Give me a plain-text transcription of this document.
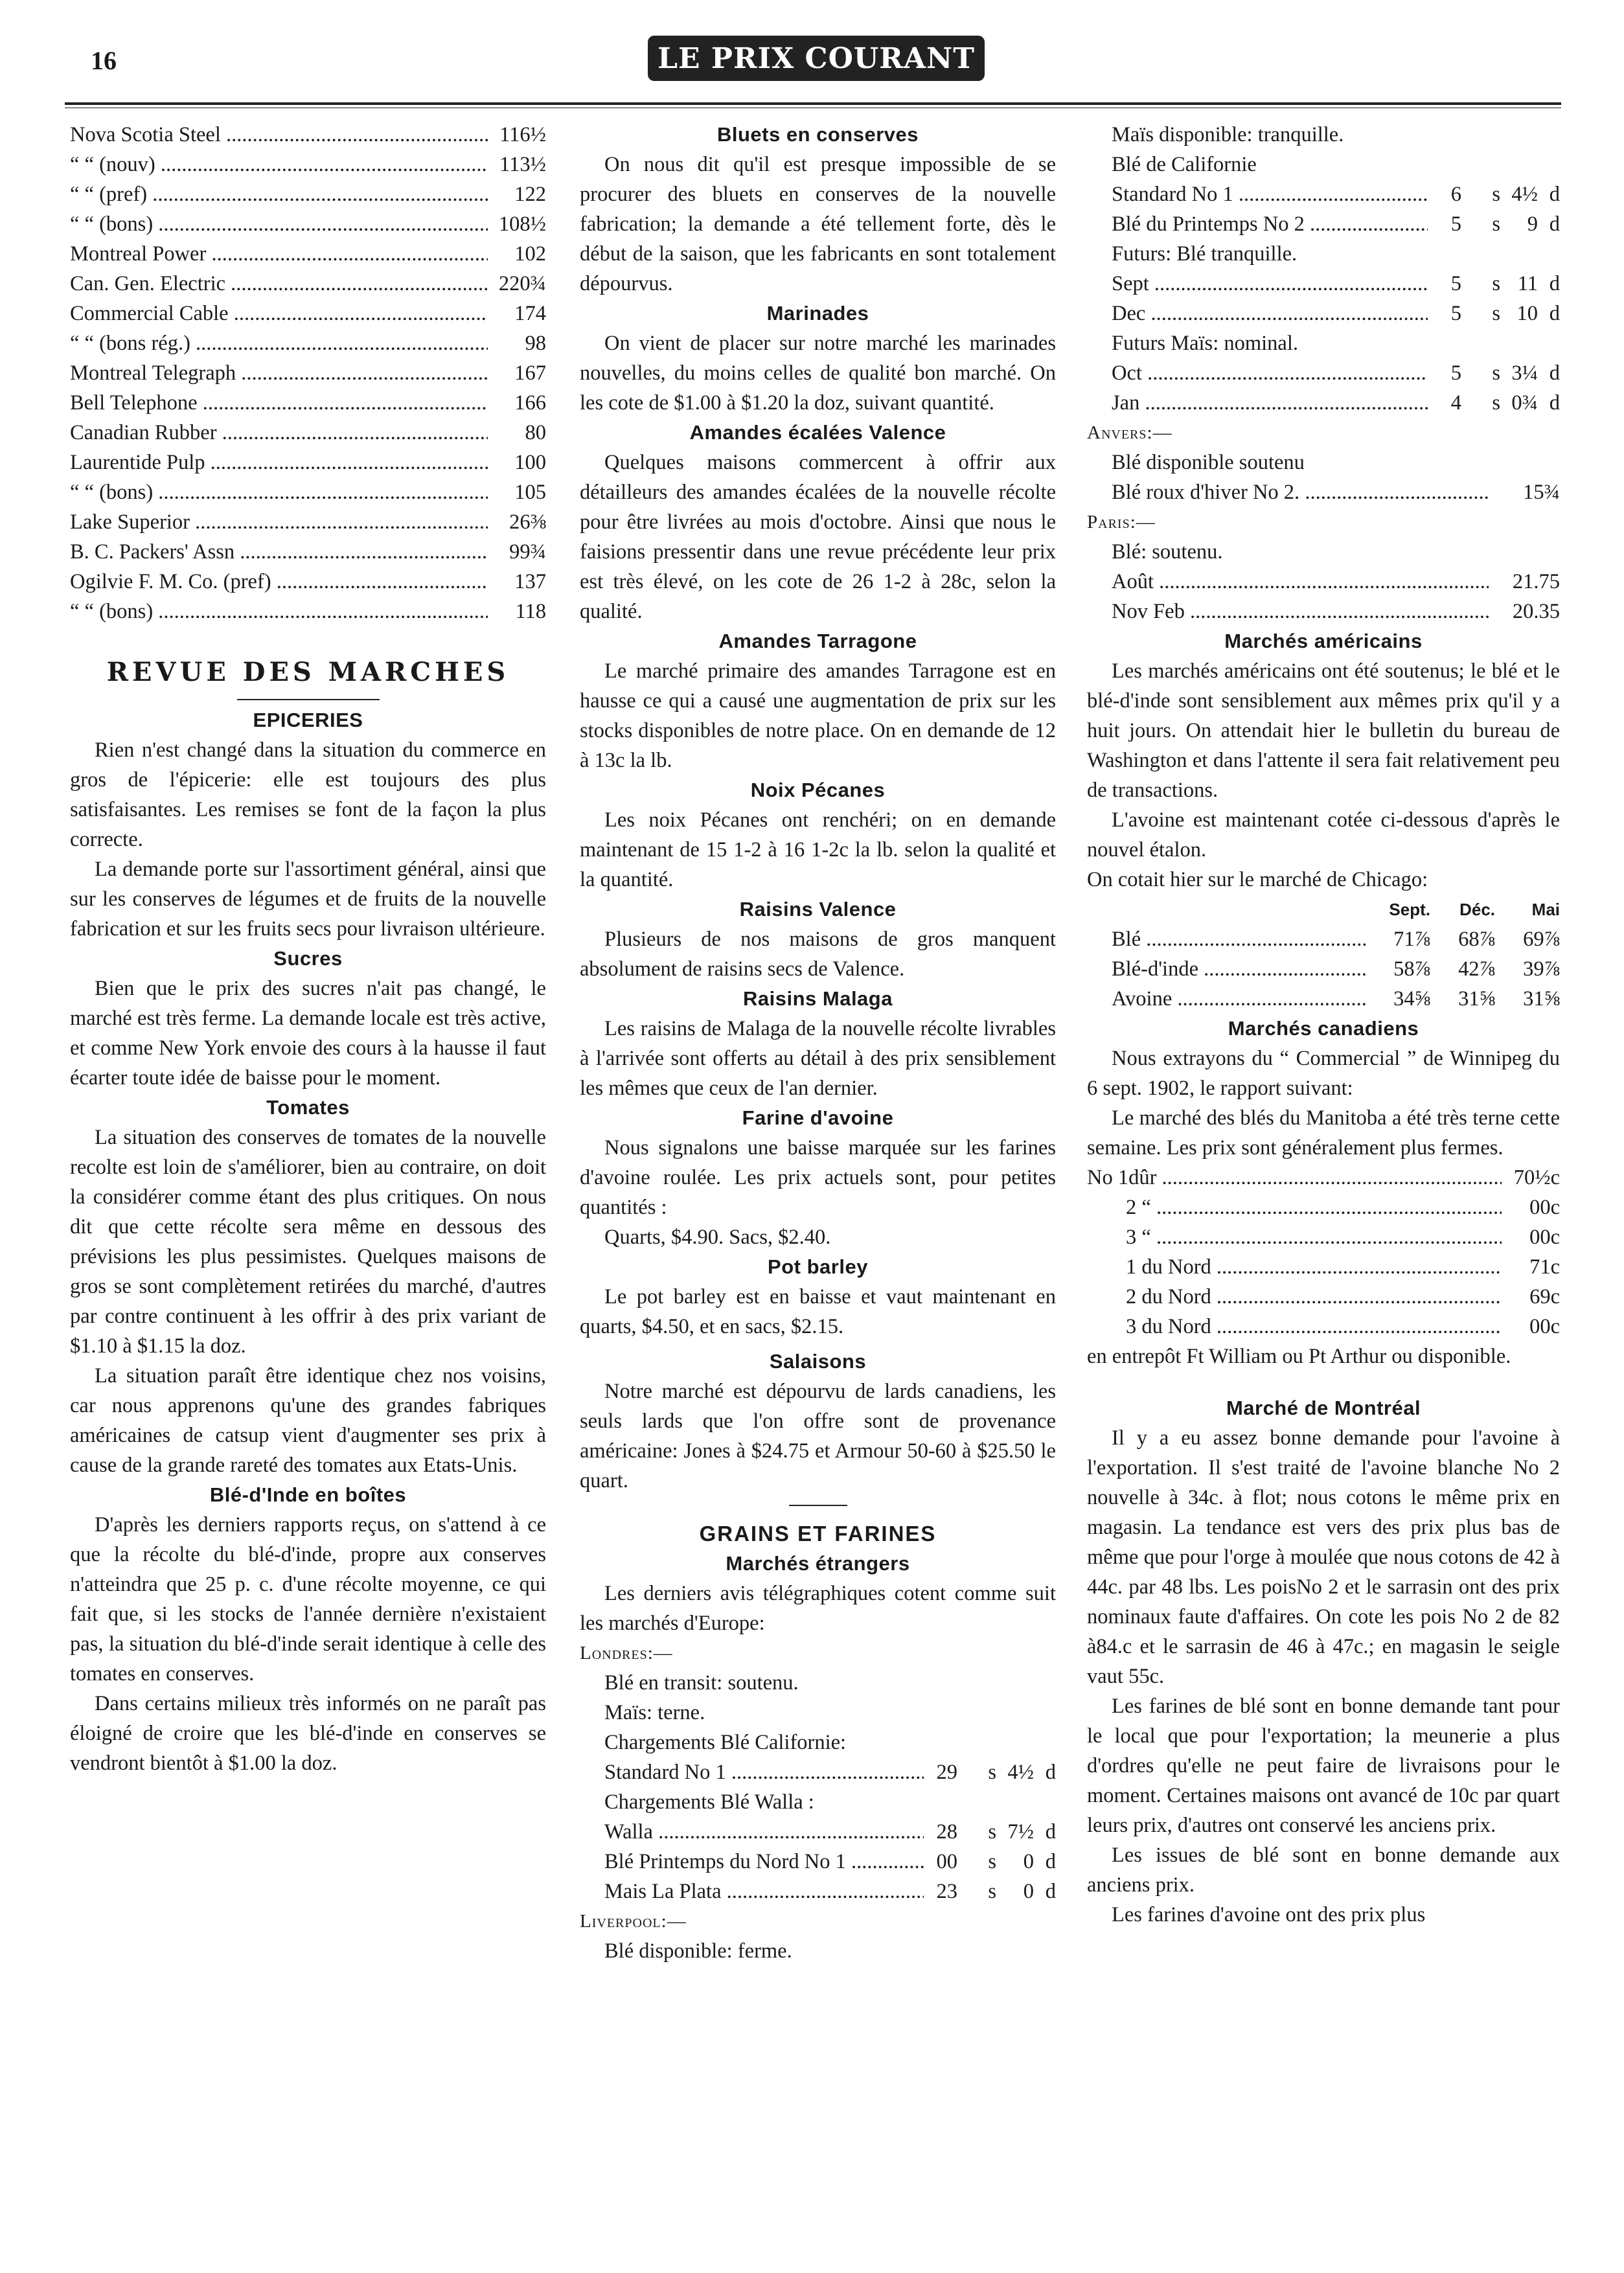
16	LE PRIX COURANT
Nova Scotia Steel .....	116½
“ “ (nouv) .....	113½
“ “ (pref) .....	122
“ “ (bons) .....	108½
Montreal Power .....	102
Can. Gen. Electric .....	220¾
Commercial Cable .....	174
“ “ (bons rég.) .....	98
Montreal Telegraph .....	167
Bell Telephone .....	166
Canadian Rubber .....	80
Laurentide Pulp .....	100
“ “ (bons) .....	105
Lake Superior .....	26⅜
B. C. Packers' Assn .....	99¾
Ogilvie F. M. Co. (pref) .....	137
“ “ (bons) .....	118
REVUE DES MARCHES
EPICERIES

Rien n'est changé dans la situation du commerce en gros de l'épicerie: elle est toujours des plus satisfaisantes. Les remises se font de la façon la plus correcte.

La demande porte sur l'assortiment général, ainsi que sur les conserves de légumes et de fruits de la nouvelle fabrication et sur les fruits secs pour livraison ultérieure.

Sucres

Bien que le prix des sucres n'ait pas changé, le marché est très ferme. La demande locale est très active, et comme New York envoie des cours à la hausse il faut écarter toute idée de baisse pour le moment.

Tomates

La situation des conserves de tomates de la nouvelle recolte est loin de s'améliorer, bien au contraire, on doit la considérer comme étant des plus critiques. On nous dit que cette récolte sera même en dessous des prévisions les plus pessimistes. Quelques maisons de gros se sont complètement retirées du marché, d'autres par contre continuent à les offrir à des prix variant de $1.10 à $1.15 la doz.

La situation paraît être identique chez nos voisins, car nous apprenons qu'une des grandes fabriques américaines de catsup vient d'augmenter ses prix à cause de la grande rareté des tomates aux Etats-Unis.

Blé-d'Inde en boîtes

D'après les derniers rapports reçus, on s'attend à ce que la récolte du blé-d'inde, propre aux conserves n'atteindra que 25 p. c. d'une récolte moyenne, ce qui fait que, si les stocks de l'année dernière n'existaient pas, la situation du blé-d'inde serait identique à celle des tomates en conserves.

Dans certains milieux très informés on ne paraît pas éloigné de croire que les blé-d'inde en conserves se vendront bientôt à $1.00 la doz.

Bluets en conserves

On nous dit qu'il est presque impossible de se procurer des bluets en conserves de la nouvelle fabrication; la demande a été tellement forte, dès le début de la saison, que les fabricants en sont totalement dépourvus.

Marinades

On vient de placer sur notre marché les marinades nouvelles, du moins celles de qualité bon marché. On les cote de $1.00 à $1.20 la doz, suivant quantité.

Amandes écalées Valence

Quelques maisons commercent à offrir aux détailleurs des amandes écalées de la nouvelle récolte pour être livrées au mois d'octobre. Ainsi que nous le faisions pressentir dans une revue précédente leur prix est très élevé, on les cote de 26 1-2 à 28c, selon la qualité.

Amandes Tarragone

Le marché primaire des amandes Tarragone est en hausse ce qui a causé une augmentation de prix sur les stocks disponibles de notre place. On en demande de 12 à 13c la lb.

Noix Pécanes

Les noix Pécanes ont renchéri; on en demande maintenant de 15 1-2 à 16 1-2c la lb. selon la qualité et la quantité.

Raisins Valence

Plusieurs de nos maisons de gros manquent absolument de raisins secs de Valence.

Raisins Malaga

Les raisins de Malaga de la nouvelle récolte livrables à l'arrivée sont offerts au détail à des prix sensiblement les mêmes que ceux de l'an dernier.

Farine d'avoine

Nous signalons une baisse marquée sur les farines d'avoine roulée. Les prix actuels sont, pour petites quantités :

Quarts, $4.90. Sacs, $2.40.

Pot barley

Le pot barley est en baisse et vaut maintenant en quarts, $4.50, et en sacs, $2.15.

Salaisons

Notre marché est dépourvu de lards canadiens, les seuls lards que l'on offre sont de provenance américaine: Jones à $24.75 et Armour 50-60 à $25.50 le quart.

GRAINS ET FARINES
Marchés étrangers

Les derniers avis télégraphiques cotent comme suit les marchés d'Europe:

Londres:—

Blé en transit: soutenu.

Maïs: terne.

Chargements Blé Californie:

Standard No 1 .....	29	s 4½ d

Chargements Blé Walla :

Walla .....	28	s 7½ d
Blé Printemps du Nord No 1 .....	00	s	0 d
Mais La Plata .....	23	s	0 d

Liverpool:—

Blé disponible: ferme.

Maïs disponible: tranquille.

Blé de Californie

Standard No 1 .....	6	s 4½ d
Blé du Printemps No 2 .....	5	s	9 d

Futurs: Blé tranquille.

Sept .....	5	s 11 d
Dec .....	5	s 10 d

Futurs Maïs: nominal.

Oct .....	5	s 3¼ d
Jan .....	4	s 0¾ d

Anvers:—

Blé disponible soutenu

Blé roux d'hiver No 2. .....	15¾

Paris:—

Blé: soutenu.

Août .....	21.75
Nov Feb .....	20.35
Marchés américains

Les marchés américains ont été soutenus; le blé et le blé-d'inde sont sensiblement aux mêmes prix qu'il y a huit jours. On attendait hier le bulletin du bureau de Washington et dans l'attente il sera fait relativement peu de transactions.

L'avoine est maintenant cotée ci-dessous d'après le nouvel étalon.

On cotait hier sur le marché de Chicago:

Sept.	Déc.	Mai
Blé .....	71⅞	68⅞	69⅞
Blé-d'inde .....	58⅞	42⅞	39⅞
Avoine .....	34⅝	31⅝	31⅝
Marchés canadiens

Nous extrayons du “ Commercial ” de Winnipeg du 6 sept. 1902, le rapport suivant:

Le marché des blés du Manitoba a été très terne cette semaine. Les prix sont généralement plus fermes.

No 1dûr .....	70½c
2 “ .....	00c
3 “ .....	00c
1 du Nord .....	71c
2 du Nord .....	69c
3 du Nord .....	00c

en entrepôt Ft William ou Pt Arthur ou disponible.

Marché de Montréal

Il y a eu assez bonne demande pour l'avoine à l'exportation. Il s'est traité de l'avoine blanche No 2 nouvelle à 34c. à flot; nous cotons le même prix en magasin. La tendance est vers des prix plus bas de même que pour l'orge à moulée que nous cotons de 42 à 44c. par 48 lbs. Les poisNo 2 et le sarrasin ont des prix nominaux faute d'affaires. On cote les pois No 2 de 82 à84.c et le sarrasin de 46 à 47c.; en magasin le seigle vaut 55c.

Les farines de blé sont en bonne demande tant pour le local que pour l'exportation; la meunerie a plus d'ordres qu'elle ne peut faire de livraisons pour le moment. Certaines maisons ont avancé de 10c par quart leurs prix, d'autres ont conservé les anciens prix.

Les issues de blé sont en bonne demande aux anciens prix.

Les farines d'avoine ont des prix plus
